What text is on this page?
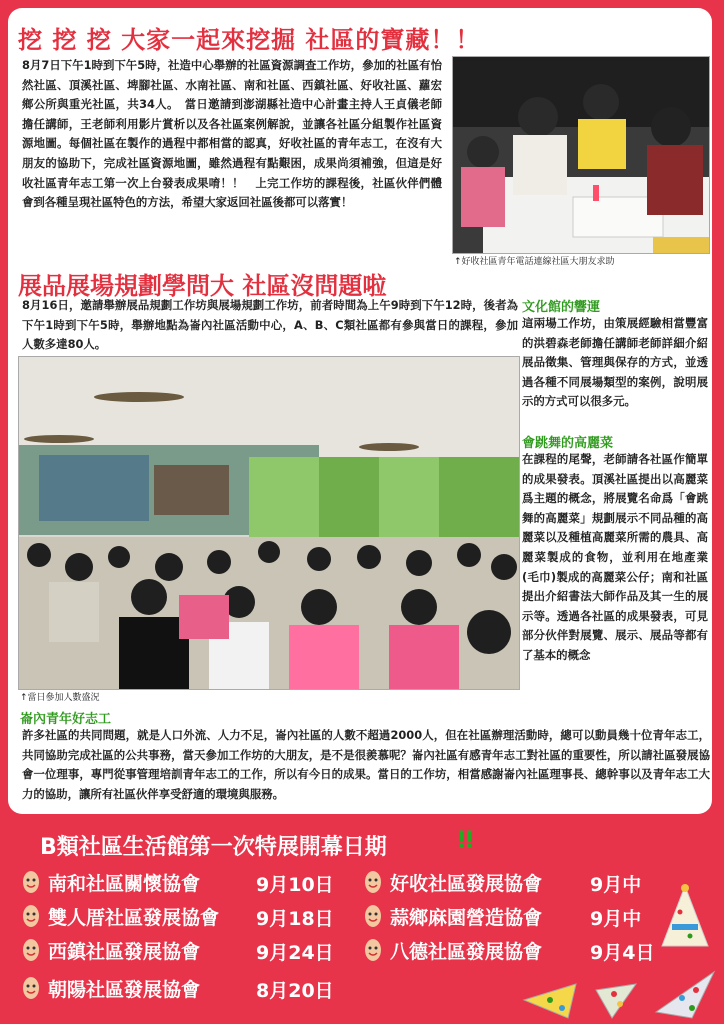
挖 挖 挖 大家一起來挖掘 社區的寶藏！！
8月7日下午1時到下午5時，社造中心舉辦的社區資源調查工作坊，參加的社區有怡然社區、頂溪社區、埤腳社區、水南社區、南和社區、西鎮社區、好收社區、蘿宏鄉公所與重光社區，共34人。　當日邀請到澎湖縣社造中心計畫主持人王貞儀老師擔任講師，王老師利用影片賞析以及各社區案例解說，並讓各社區分組製作社區資源地圖。每個社區在製作的過程中都相當的認真，好收社區的青年志工，在沒有大朋友的協助下，完成社區資源地圖，雖然過程有點艱困，成果尚須補強，但這是好收社區青年志工第一次上台發表成果唷！！　上完工作坊的課程後，社區伙伴們體會到各種呈現社區特色的方法，希望大家返回社區後都可以落實！
↑好收社區青年電話連線社區大朋友求助
展品展場規劃學問大 社區沒問題啦
8月16日，邀請舉辦展品規劃工作坊與展場規劃工作坊，前者時間為上午9時到下午12時，後者為下午1時到下午5時，舉辦地點為崙內社區活動中心，A、B、C類社區都有參與當日的課程，參加人數多達80人。
↑當日參加人數盛況
文化館的響運
這兩場工作坊，由策展經驗相當豐富的洪碧森老師擔任講師老師詳細介紹展品徵集、管理與保存的方式，並透過各種不同展場類型的案例，說明展示的方式可以很多元。
會跳舞的高麗菜
在課程的尾聲，老師請各社區作簡單的成果發表。頂溪社區提出以高麗菜爲主題的概念，將展覽名命爲「會跳舞的高麗菜」規劃展示不同品種的高麗菜以及種植高麗菜所需的農具、高麗菜製成的食物，並利用在地產業(毛巾)製成的高麗菜公仔；南和社區提出介紹書法大師作品及其一生的展示等。透過各社區的成果發表，可見部分伙伴對展覽、展示、展品等都有了基本的概念
崙內青年好志工
許多社區的共同問題，就是人口外流、人力不足，崙內社區的人數不超過2000人，但在社區辦理活動時，總可以動員幾十位青年志工，共同協助完成社區的公共事務，當天參加工作坊的大朋友，是不是很羨慕呢？崙內社區有感青年志工對社區的重要性，所以請社區發展協會一位理事，專門從事管理培訓青年志工的工作，所以有今日的成果。當日的工作坊，相當感謝崙內社區理事長、總幹事以及青年志工大力的協助，讓所有社區伙伴享受舒適的環境與服務。
B類社區生活館第一次特展開幕日期	‼
南和社區關懷協會	9月10日
雙人厝社區發展協會 9月18日
西鎮社區發展協會	9月24日
朝陽社區發展協會	8月20日
好收社區發展協會	9月中
蒜鄉麻園營造協會	9月中
八德社區發展協會	9月4日
